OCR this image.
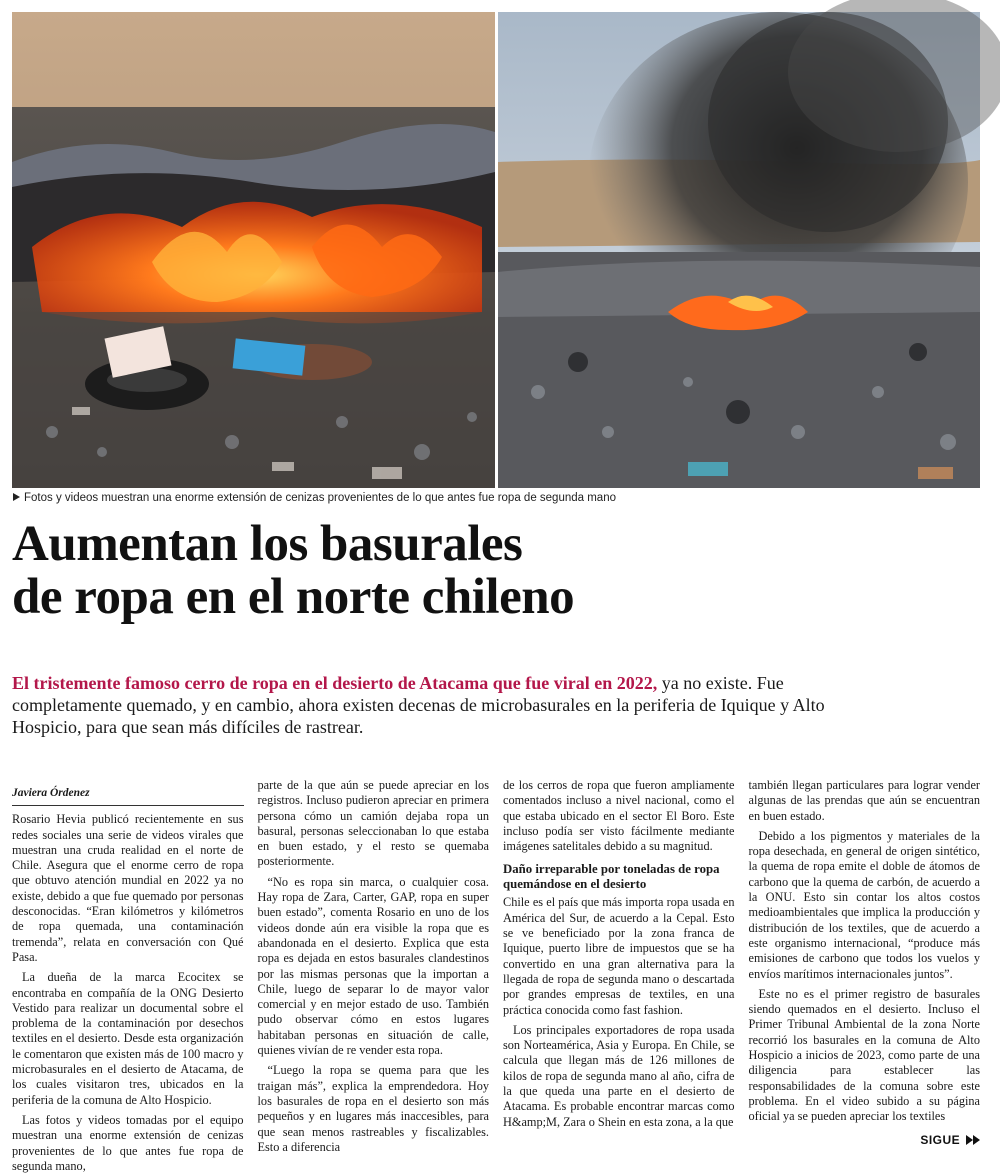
Fotos y videos muestran una enorme extensión de cenizas provenientes de lo que antes fue ropa de segunda mano
Aumentan los basurales
de ropa en el norte chileno

El tristemente famoso cerro de ropa en el desierto de Atacama que fue viral en 2022, ya no existe. Fue completamente quemado, y en cambio, ahora existen decenas de microbasurales en la periferia de Iquique y Alto Hospicio, para que sean más difíciles de rastrear.

Javiera Órdenez

Rosario Hevia publicó recientemente en sus redes sociales una serie de videos virales que muestran una cruda realidad en el norte de Chile. Asegura que el enorme cerro de ropa que obtuvo atención mundial en 2022 ya no existe, debido a que fue quemado por personas desconocidas. “Eran kilómetros y kilómetros de ropa quemada, una contaminación tremenda”, relata en conversación con Qué Pasa.

La dueña de la marca Ecocitex se encontraba en compañía de la ONG Desierto Vestido para realizar un documental sobre el problema de la contaminación por desechos textiles en el desierto. Desde esta organización le comentaron que existen más de 100 macro y microbasurales en el desierto de Atacama, de los cuales visitaron tres, ubicados en la periferia de la comuna de Alto Hospicio.

Las fotos y videos tomadas por el equipo muestran una enorme extensión de cenizas provenientes de lo que antes fue ropa de segunda mano,

parte de la que aún se puede apreciar en los registros. Incluso pudieron apreciar en primera persona cómo un camión dejaba ropa un basural, personas seleccionaban lo que estaba en buen estado, y el resto se quemaba posteriormente.

“No es ropa sin marca, o cualquier cosa. Hay ropa de Zara, Carter, GAP, ropa en super buen estado”, comenta Rosario en uno de los videos donde aún era visible la ropa que es abandonada en el desierto. Explica que esta ropa es dejada en estos basurales clandestinos por las mismas personas que la importan a Chile, luego de separar lo de mayor valor comercial y en mejor estado de uso. También pudo observar cómo en estos lugares habitaban personas en situación de calle, quienes vivían de re vender esta ropa.

“Luego la ropa se quema para que les traigan más”, explica la emprendedora. Hoy los basurales de ropa en el desierto son más pequeños y en lugares más inaccesibles, para que sean menos rastreables y fiscalizables. Esto a diferencia

de los cerros de ropa que fueron ampliamente comentados incluso a nivel nacional, como el que estaba ubicado en el sector El Boro. Este incluso podía ser visto fácilmente mediante imágenes satelitales debido a su magnitud.

Daño irreparable por toneladas de ropa quemándose en el desierto

Chile es el país que más importa ropa usada en América del Sur, de acuerdo a la Cepal. Esto se ve beneficiado por la zona franca de Iquique, puerto libre de impuestos que se ha convertido en una gran alternativa para la llegada de ropa de segunda mano o descartada por grandes empresas de textiles, en una práctica conocida como fast fashion.

Los principales exportadores de ropa usada son Norteamérica, Asia y Europa. En Chile, se calcula que llegan más de 126 millones de kilos de ropa de segunda mano al año, cifra de la que queda una parte en el desierto de Atacama. Es probable encontrar marcas como H&amp;M, Zara o Shein en esta zona, a la que

también llegan particulares para lograr vender algunas de las prendas que aún se encuentran en buen estado.

Debido a los pigmentos y materiales de la ropa desechada, en general de origen sintético, la quema de ropa emite el doble de átomos de carbono que la quema de carbón, de acuerdo a la ONU. Esto sin contar los altos costos medioambientales que implica la producción y distribución de los textiles, que de acuerdo a este organismo internacional, “produce más emisiones de carbono que todos los vuelos y envíos marítimos internacionales juntos”.

Este no es el primer registro de basurales siendo quemados en el desierto. Incluso el Primer Tribunal Ambiental de la zona Norte recorrió los basurales en la comuna de Alto Hospicio a inicios de 2023, como parte de una diligencia para establecer las responsabilidades de la comuna sobre este problema. En el video subido a su página oficial ya se pueden apreciar los textiles

SIGUE
